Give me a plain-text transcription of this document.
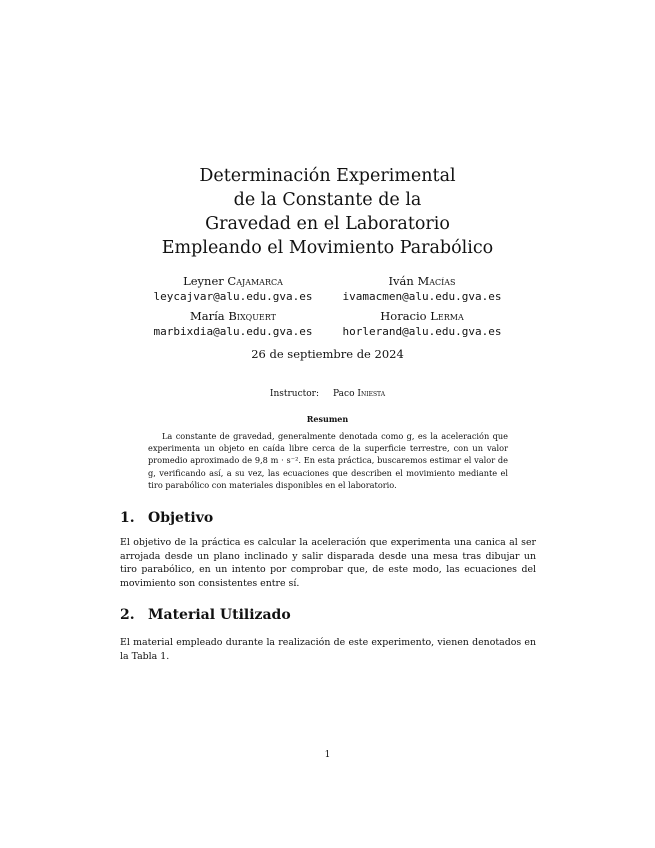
Determinación Experimental
de la Constante de la
Gravedad en el Laboratorio
Empleando el Movimiento Parabólico
Leyner Cajamarca
leycajvar@alu.edu.gva.es
Iván Macías
ivamacmen@alu.edu.gva.es
María Bixquert
marbixdia@alu.edu.gva.es
Horacio Lerma
horlerand@alu.edu.gva.es
26 de septiembre de 2024
Instructor: Paco Iniesta
Resumen
La constante de gravedad, generalmente denotada como g, es la aceleración que experimenta un objeto en caída libre cerca de la superficie terrestre, con un valor promedio aproximado de 9,8 m · s⁻². En esta práctica, buscaremos estimar el valor de g, verificando así, a su vez, las ecuaciones que describen el movimiento mediante el tiro parabólico con materiales disponibles en el laboratorio.
1. Objetivo
El objetivo de la práctica es calcular la aceleración que experimenta una canica al ser arrojada desde un plano inclinado y salir disparada desde una mesa tras dibujar un tiro parabólico, en un intento por comprobar que, de este modo, las ecuaciones del movimiento son consistentes entre sí.
2. Material Utilizado
El material empleado durante la realización de este experimento, vienen denotados en la Tabla 1.
1
